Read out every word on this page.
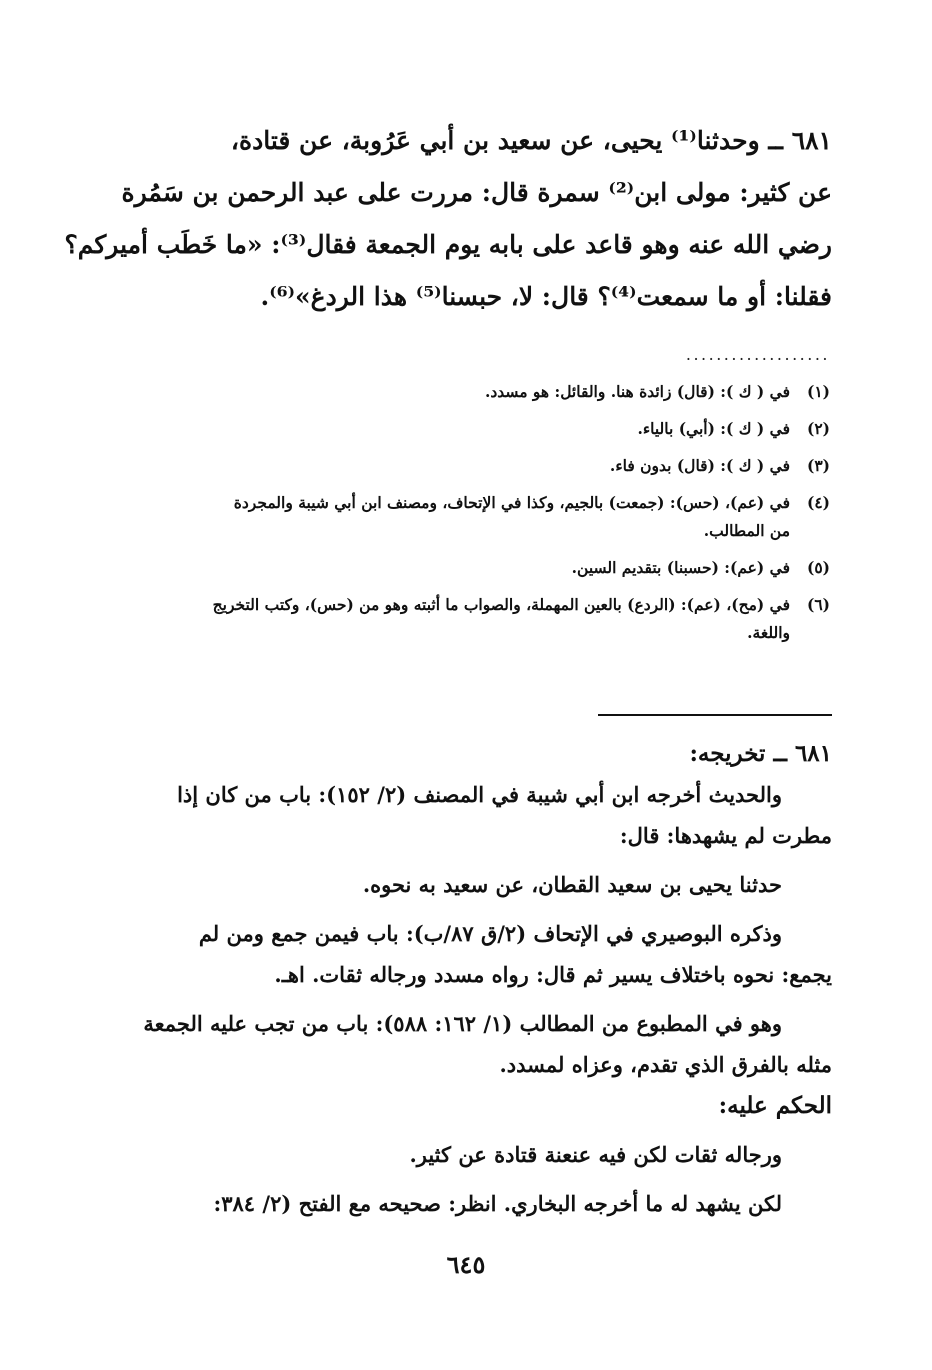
٦٨١ ــ وحدثنا⁽¹⁾ يحيى، عن سعيد بن أبي عَرُوبة، عن قتادة،
عن كثير: مولى ابن⁽²⁾ سمرة قال: مررت على عبد الرحمن بن سَمُرة
رضي الله عنه وهو قاعد على بابه يوم الجمعة فقال⁽³⁾: «ما خَطَب أميركم؟
فقلنا: أو ما سمعت⁽⁴⁾؟ قال: لا، حبسنا⁽⁵⁾ هذا الردغ»⁽⁶⁾.
...................
(١)في ( ك ): (قال) زائدة هنا. والقائل: هو مسدد.
(٢)في ( ك ): (أبي) بالياء.
(٣)في ( ك ): (قال) بدون فاء.
(٤)في (عم)، (حس): (جمعت) بالجيم، وكذا في الإتحاف، ومصنف ابن أبي شيبة والمجردة
من المطالب.
(٥)في (عم): (حسبنا) بتقديم السين.
(٦)في (مح)، (عم): (الردع) بالعين المهملة، والصواب ما أثبته وهو من (حس)، وكتب التخريج
واللغة.
٦٨١ ــ تخريجه:
والحديث أخرجه ابن أبي شيبة في المصنف (٢/ ١٥٢): باب من كان إذا
مطرت لم يشهدها: قال:
حدثنا يحيى بن سعيد القطان، عن سعيد به نحوه.
وذكره البوصيري في الإتحاف (٢/ق ٨٧/ب): باب فيمن جمع ومن لم
يجمع: نحوه باختلاف يسير ثم قال: رواه مسدد ورجاله ثقات. اهـ.
وهو في المطبوع من المطالب (١/ ١٦٢: ٥٨٨): باب من تجب عليه الجمعة
مثله بالفرق الذي تقدم، وعزاه لمسدد.
الحكم عليه:
ورجاله ثقات لكن فيه عنعنة قتادة عن كثير.
لكن يشهد له ما أخرجه البخاري. انظر: صحيحه مع الفتح (٢/ ٣٨٤:
٦٤٥
